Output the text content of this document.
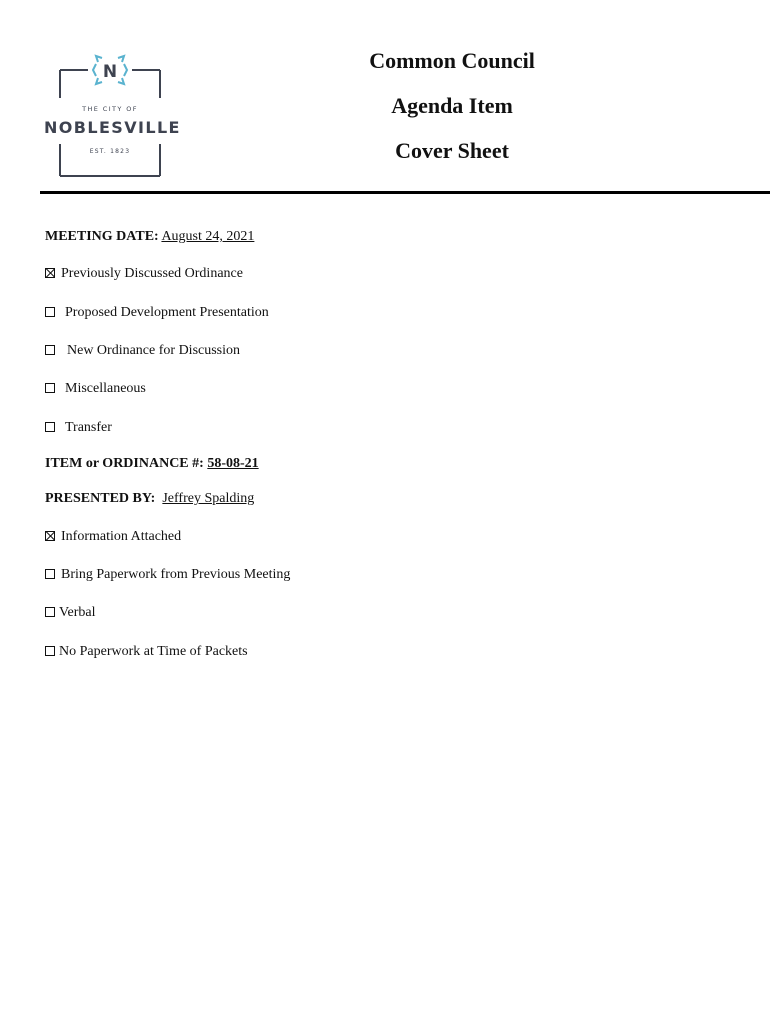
N
THE CITY OF
NOBLESVILLE
EST. 1823
Common Council
Agenda Item
Cover Sheet
MEETING DATE: August 24, 2021
Previously Discussed Ordinance
Proposed Development Presentation
New Ordinance for Discussion
Miscellaneous
Transfer
ITEM or ORDINANCE #: 58-08-21
PRESENTED BY: Jeffrey Spalding
Information Attached
Bring Paperwork from Previous Meeting
Verbal
No Paperwork at Time of Packets
